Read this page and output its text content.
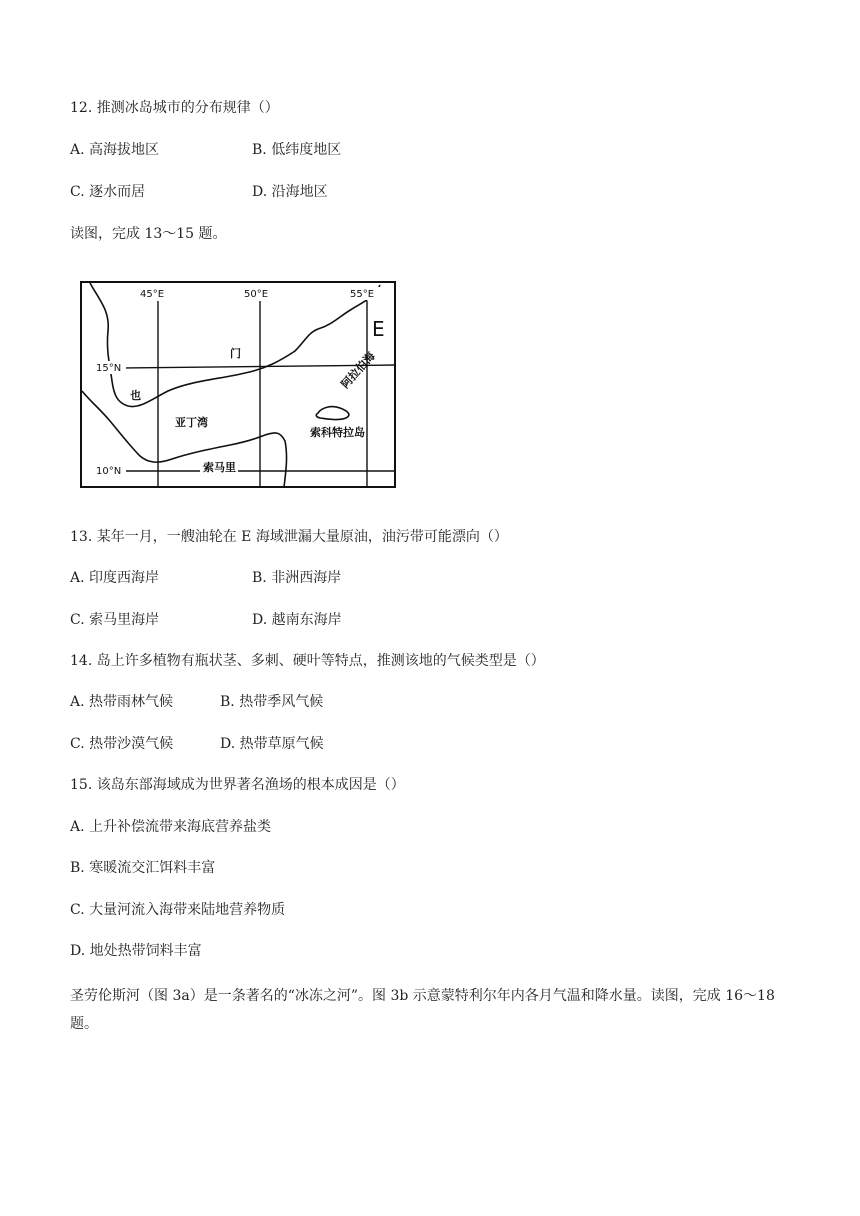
12. 推测冰岛城市的分布规律（）
A. 高海拔地区	B. 低纬度地区
C. 逐水而居	D. 沿海地区
读图，完成 13～15 题。
45°E	50°E	55°E
15°N
10°N
E
门
也
亚丁湾
阿拉伯海
索科特拉岛
索马里
13. 某年一月，一艘油轮在 E 海域泄漏大量原油，油污带可能漂向（）
A. 印度西海岸	B. 非洲西海岸
C. 索马里海岸	D. 越南东海岸
14. 岛上许多植物有瓶状茎、多刺、硬叶等特点，推测该地的气候类型是（）
A. 热带雨林气候	B. 热带季风气候
C. 热带沙漠气候	D. 热带草原气候
15. 该岛东部海域成为世界著名渔场的根本成因是（）
A. 上升补偿流带来海底营养盐类
B. 寒暖流交汇饵料丰富
C. 大量河流入海带来陆地营养物质
D. 地处热带饲料丰富
圣劳伦斯河（图 3a）是一条著名的“冰冻之河”。图 3b 示意蒙特利尔年内各月气温和降水量。读图，完成 16～18 题。
